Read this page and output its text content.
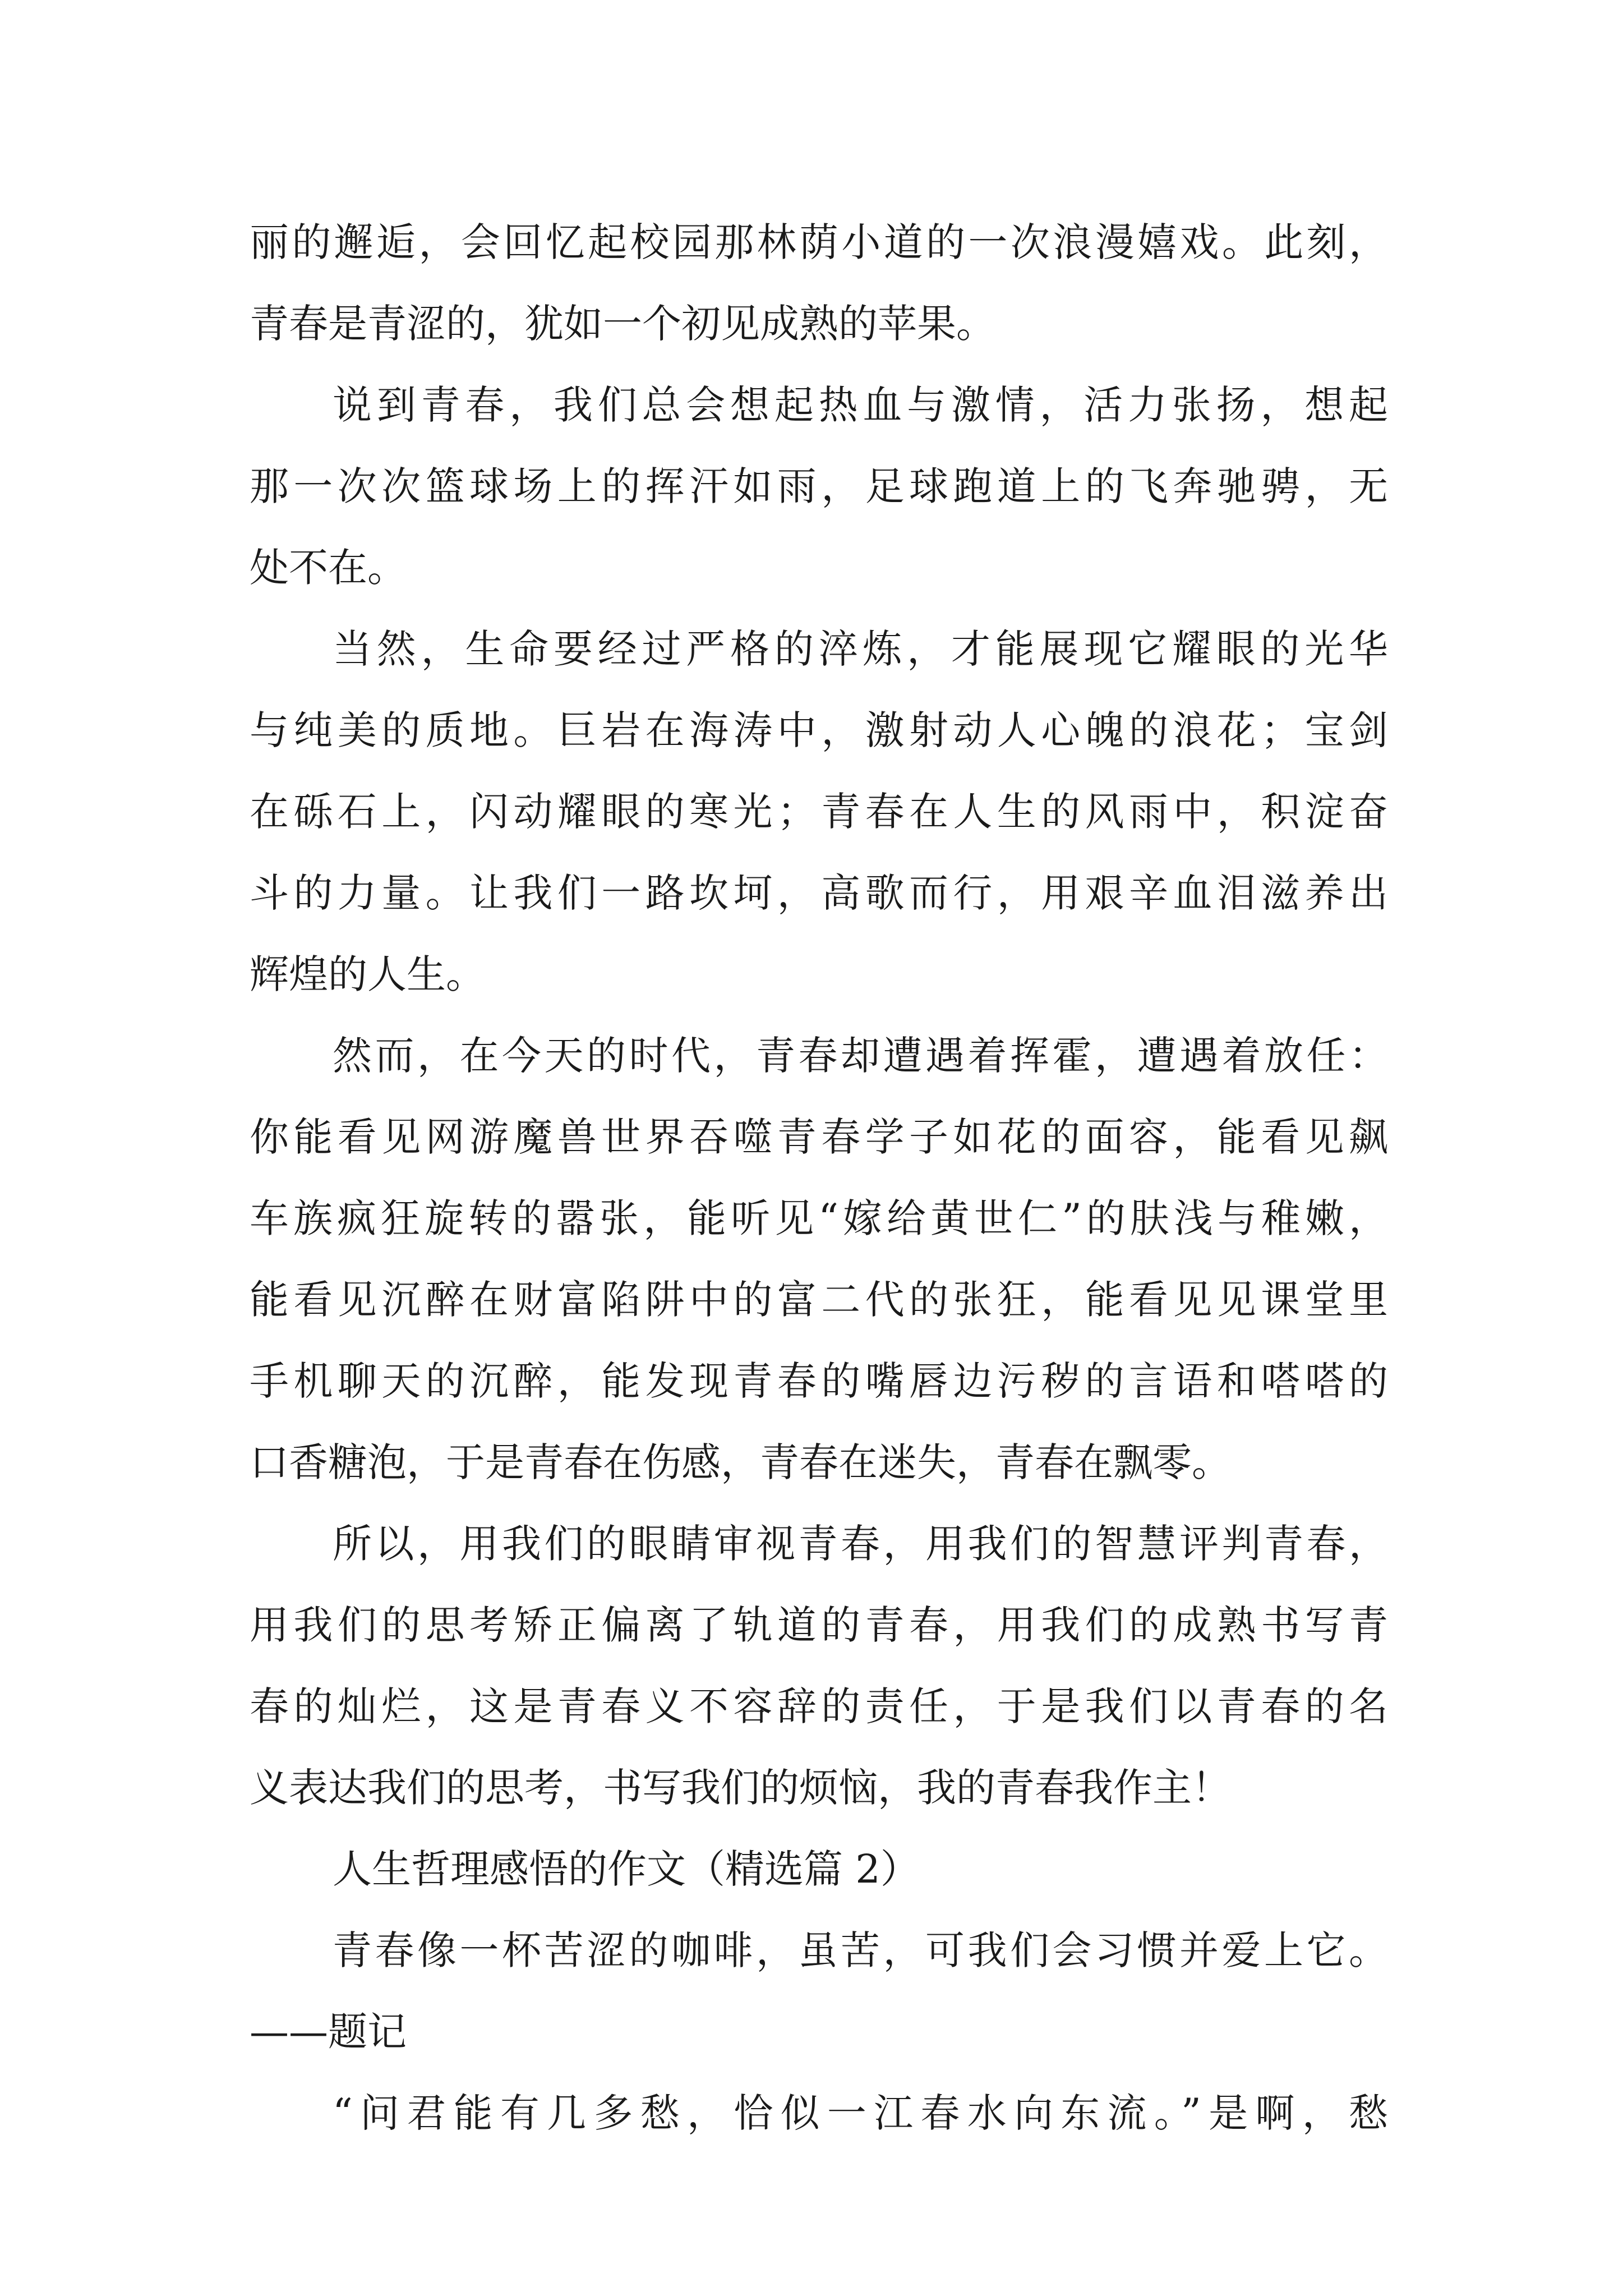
丽的邂逅，会回忆起校园那林荫小道的一次浪漫嬉戏。此刻，
青春是青涩的，犹如一个初见成熟的苹果。
说到青春，我们总会想起热血与激情，活力张扬，想起
那一次次篮球场上的挥汗如雨，足球跑道上的飞奔驰骋，无
处不在。
当然，生命要经过严格的淬炼，才能展现它耀眼的光华
与纯美的质地。巨岩在海涛中，激射动人心魄的浪花；宝剑
在砾石上，闪动耀眼的寒光；青春在人生的风雨中，积淀奋
斗的力量。让我们一路坎坷，高歌而行，用艰辛血泪滋养出
辉煌的人生。
然而，在今天的时代，青春却遭遇着挥霍，遭遇着放任：
你能看见网游魔兽世界吞噬青春学子如花的面容，能看见飙
车族疯狂旋转的嚣张，能听见“嫁给黄世仁”的肤浅与稚嫩，
能看见沉醉在财富陷阱中的富二代的张狂，能看见见课堂里
手机聊天的沉醉，能发现青春的嘴唇边污秽的言语和嗒嗒的
口香糖泡，于是青春在伤感，青春在迷失，青春在飘零。
所以，用我们的眼睛审视青春，用我们的智慧评判青春，
用我们的思考矫正偏离了轨道的青春，用我们的成熟书写青
春的灿烂，这是青春义不容辞的责任，于是我们以青春的名
义表达我们的思考，书写我们的烦恼，我的青春我作主！
人生哲理感悟的作文（精选篇 2）
青春像一杯苦涩的咖啡，虽苦，可我们会习惯并爱上它。
——题记
“问君能有几多愁，恰似一江春水向东流。”是啊，愁
